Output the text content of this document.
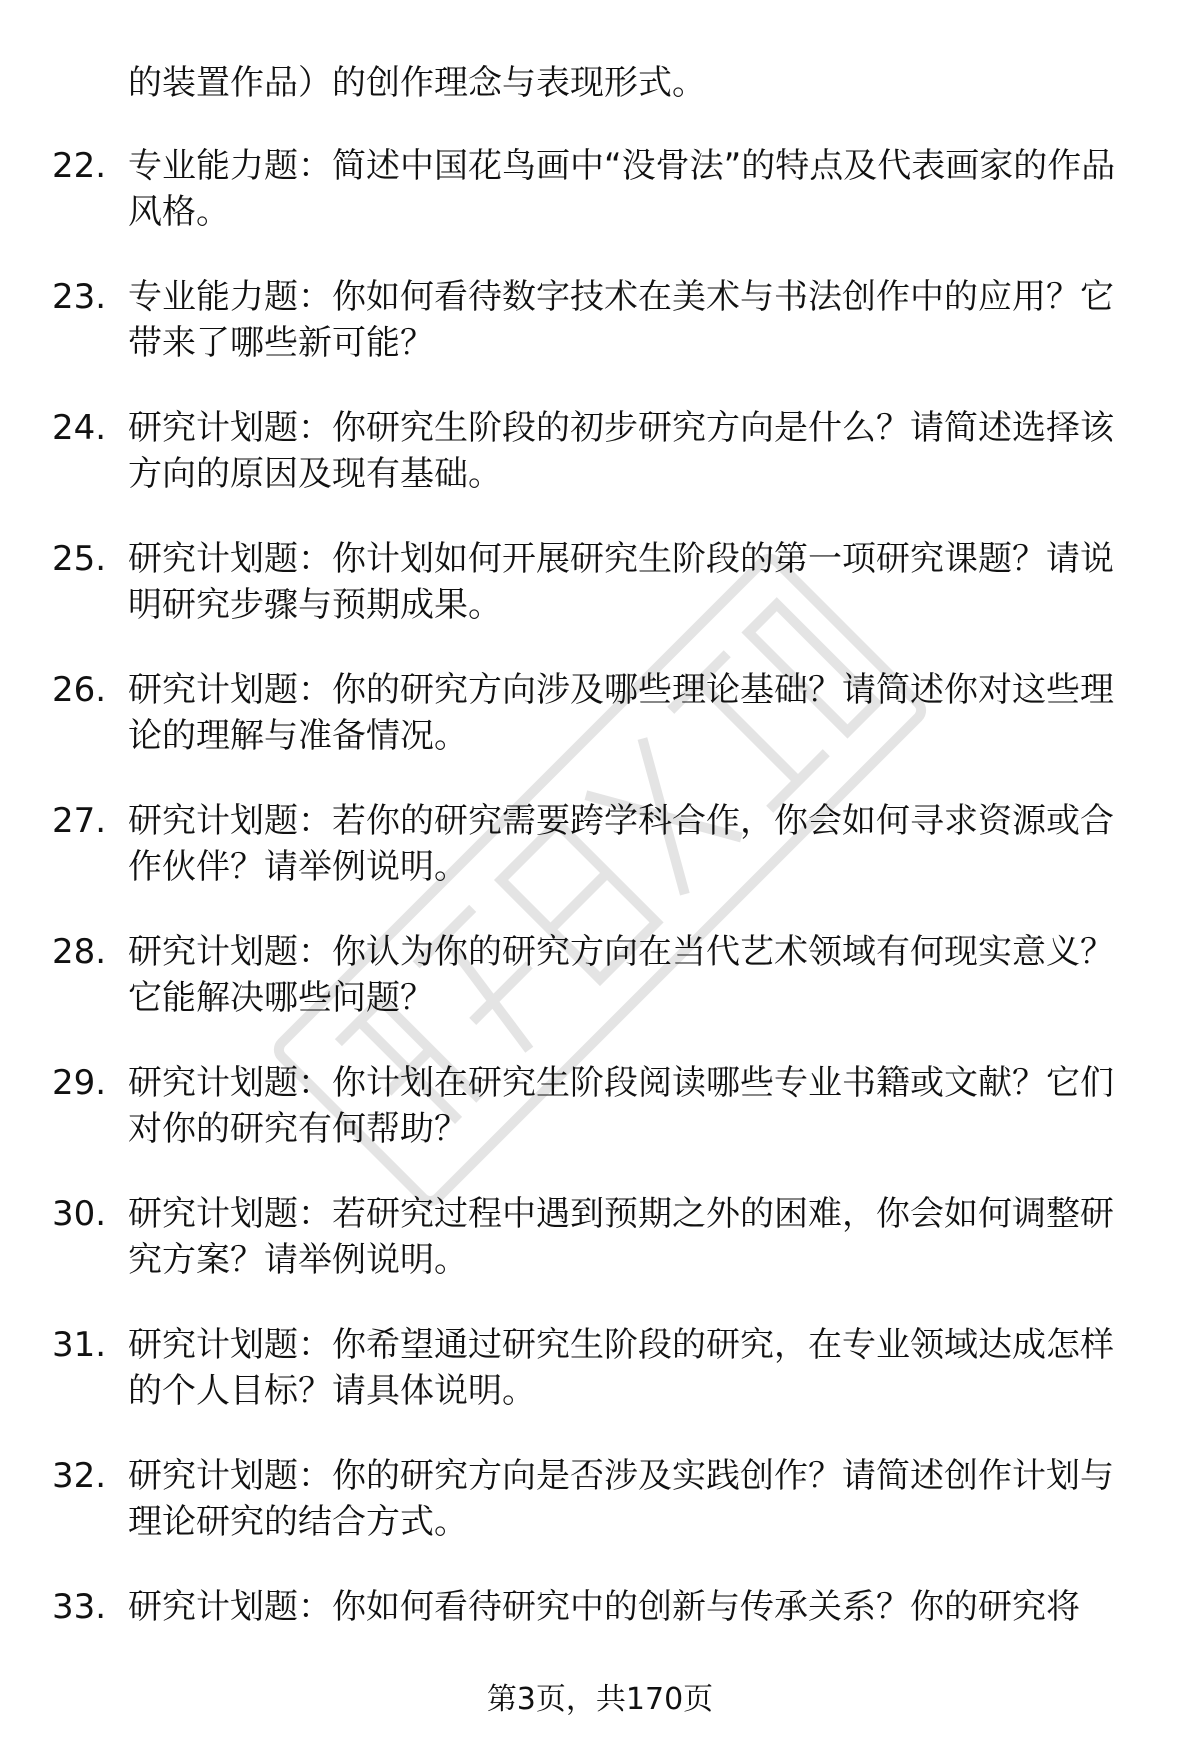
的装置作品）的创作理念与表现形式。
22. 专业能力题：简述中国花鸟画中“没骨法”的特点及代表画家的作品风格。
23. 专业能力题：你如何看待数字技术在美术与书法创作中的应用？它带来了哪些新可能？
24. 研究计划题：你研究生阶段的初步研究方向是什么？请简述选择该方向的原因及现有基础。
25. 研究计划题：你计划如何开展研究生阶段的第一项研究课题？请说明研究步骤与预期成果。
26. 研究计划题：你的研究方向涉及哪些理论基础？请简述你对这些理论的理解与准备情况。
27. 研究计划题：若你的研究需要跨学科合作，你会如何寻求资源或合作伙伴？请举例说明。
28. 研究计划题：你认为你的研究方向在当代艺术领域有何现实意义？它能解决哪些问题？
29. 研究计划题：你计划在研究生阶段阅读哪些专业书籍或文献？它们对你的研究有何帮助？
30. 研究计划题：若研究过程中遇到预期之外的困难，你会如何调整研究方案？请举例说明。
31. 研究计划题：你希望通过研究生阶段的研究，在专业领域达成怎样的个人目标？请具体说明。
32. 研究计划题：你的研究方向是否涉及实践创作？请简述创作计划与理论研究的结合方式。
33. 研究计划题：你如何看待研究中的创新与传承关系？你的研究将
第3页，共170页
